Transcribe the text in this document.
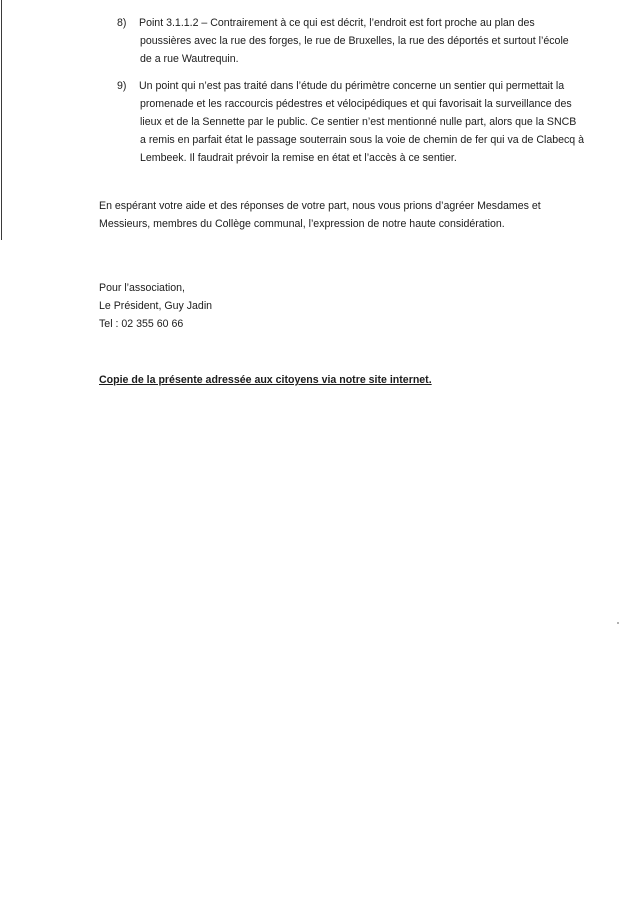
8)	Point 3.1.1.2 – Contrairement à ce qui est décrit, l’endroit est fort proche au plan des
poussières avec la rue des forges, le rue de Bruxelles, la rue des déportés et surtout l’école
de a rue Wautrequin.
9)	Un point qui n’est pas traité dans l’étude du périmètre concerne un sentier qui permettait la
promenade et les raccourcis pédestres et vélocipédiques et qui favorisait la surveillance des
lieux et de la Sennette par le public. Ce sentier n’est mentionné nulle part, alors que la SNCB
a remis en parfait état le passage souterrain sous la voie de chemin de fer qui va de Clabecq à
Lembeek. Il faudrait prévoir la remise en état et l’accès à ce sentier.
En espérant votre aide et des réponses de votre part, nous vous prions d’agréer Mesdames et
Messieurs, membres du Collège communal, l’expression de notre haute considération.
Pour l’association,
Le Président, Guy Jadin
Tel : 02 355 60 66
Copie de la présente adressée aux citoyens via notre site internet.
